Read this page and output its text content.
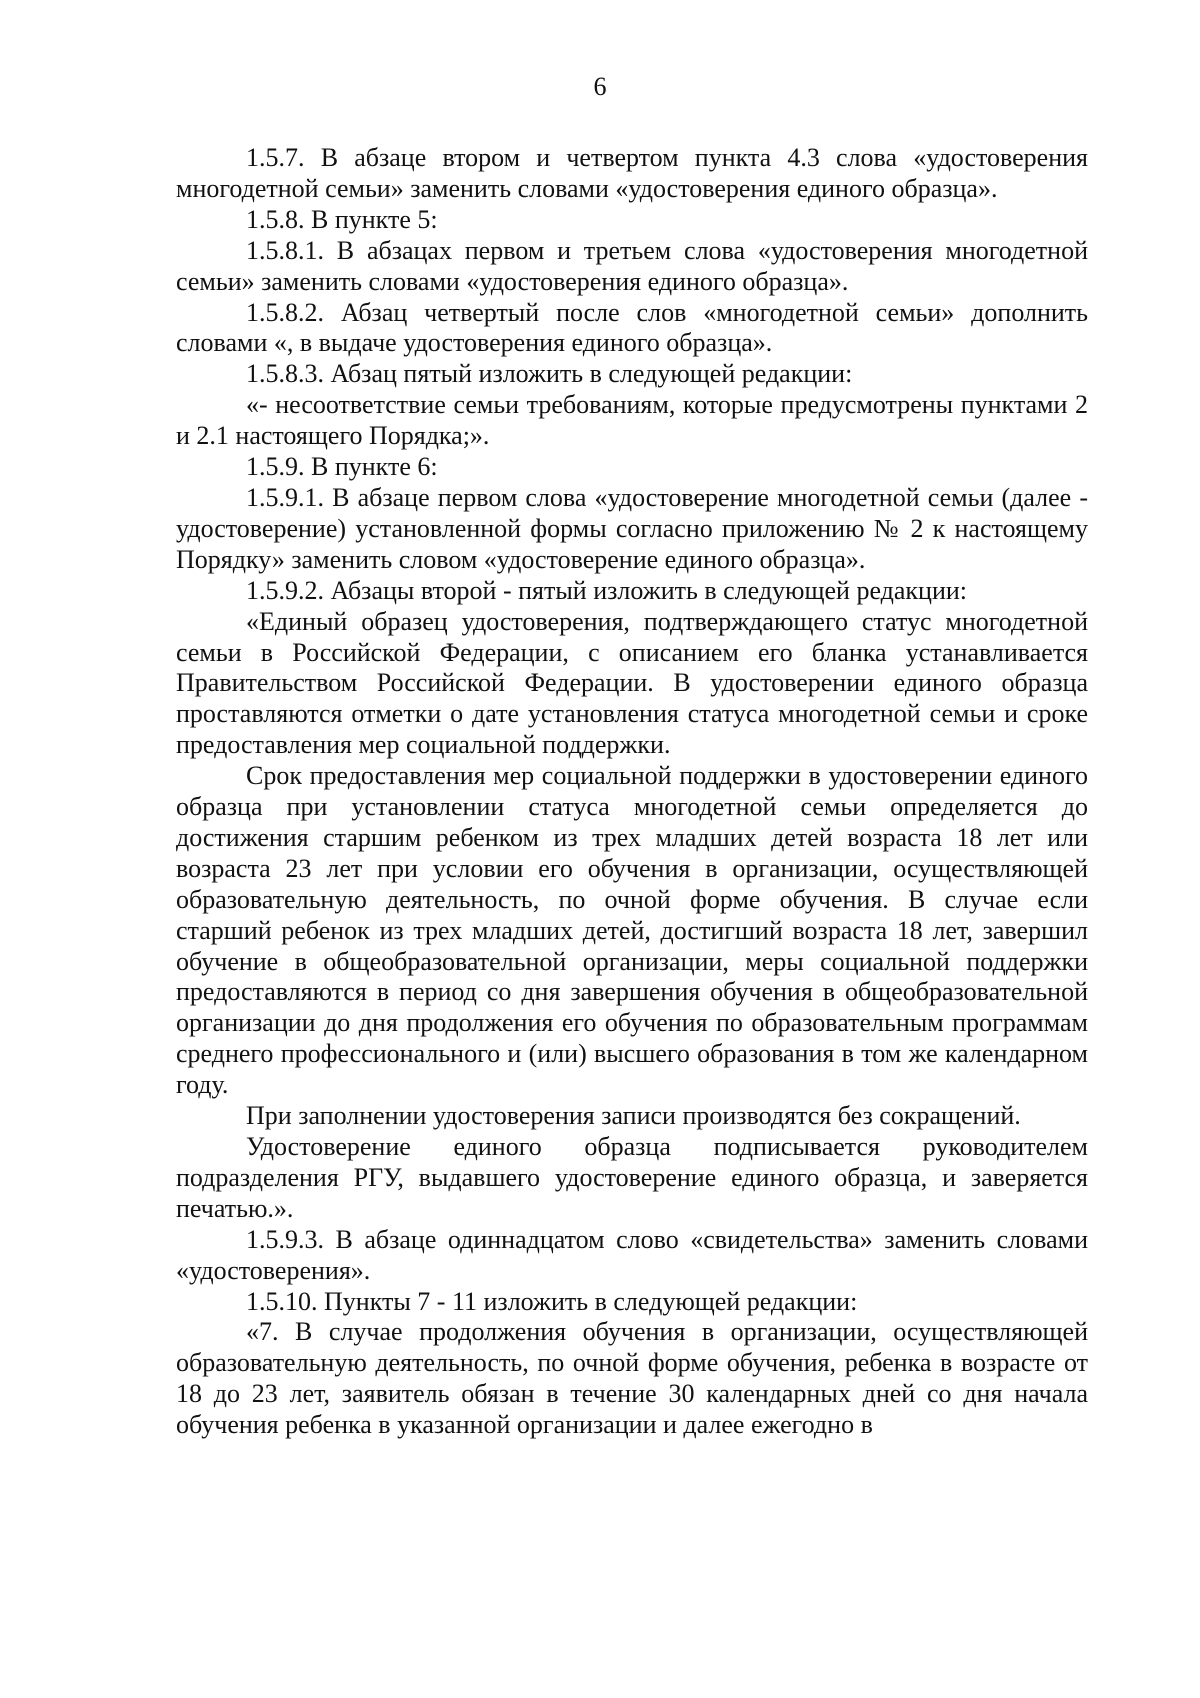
6

1.5.7. В абзаце втором и четвертом пункта 4.3 слова «удостоверения многодетной семьи» заменить словами «удостоверения единого образца».

1.5.8. В пункте 5:

1.5.8.1. В абзацах первом и третьем слова «удостоверения многодетной семьи» заменить словами «удостоверения единого образца».

1.5.8.2. Абзац четвертый после слов «многодетной семьи» дополнить словами «, в выдаче удостоверения единого образца».

1.5.8.3. Абзац пятый изложить в следующей редакции:

«- несоответствие семьи требованиям, которые предусмотрены пунктами 2 и 2.1 настоящего Порядка;».

1.5.9. В пункте 6:

1.5.9.1. В абзаце первом слова «удостоверение многодетной семьи (далее - удостоверение) установленной формы согласно приложению № 2 к настоящему Порядку» заменить словом «удостоверение единого образца».

1.5.9.2. Абзацы второй - пятый изложить в следующей редакции:

«Единый образец удостоверения, подтверждающего статус многодетной семьи в Российской Федерации, с описанием его бланка устанавливается Правительством Российской Федерации. В удостоверении единого образца проставляются отметки о дате установления статуса многодетной семьи и сроке предоставления мер социальной поддержки.

Срок предоставления мер социальной поддержки в удостоверении единого образца при установлении статуса многодетной семьи определяется до достижения старшим ребенком из трех младших детей возраста 18 лет или возраста 23 лет при условии его обучения в организации, осуществляющей образовательную деятельность, по очной форме обучения. В случае если старший ребенок из трех младших детей, достигший возраста 18 лет, завершил обучение в общеобразовательной организации, меры социальной поддержки предоставляются в период со дня завершения обучения в общеобразовательной организации до дня продолжения его обучения по образовательным программам среднего профессионального и (или) высшего образования в том же календарном году.

При заполнении удостоверения записи производятся без сокращений.

Удостоверение единого образца подписывается руководителем подразделения РГУ, выдавшего удостоверение единого образца, и заверяется печатью.».

1.5.9.3. В абзаце одиннадцатом слово «свидетельства» заменить словами «удостоверения».

1.5.10. Пункты 7 - 11 изложить в следующей редакции:

«7. В случае продолжения обучения в организации, осуществляющей образовательную деятельность, по очной форме обучения, ребенка в возрасте от 18 до 23 лет, заявитель обязан в течение 30 календарных дней со дня начала обучения ребенка в указанной организации и далее ежегодно в
